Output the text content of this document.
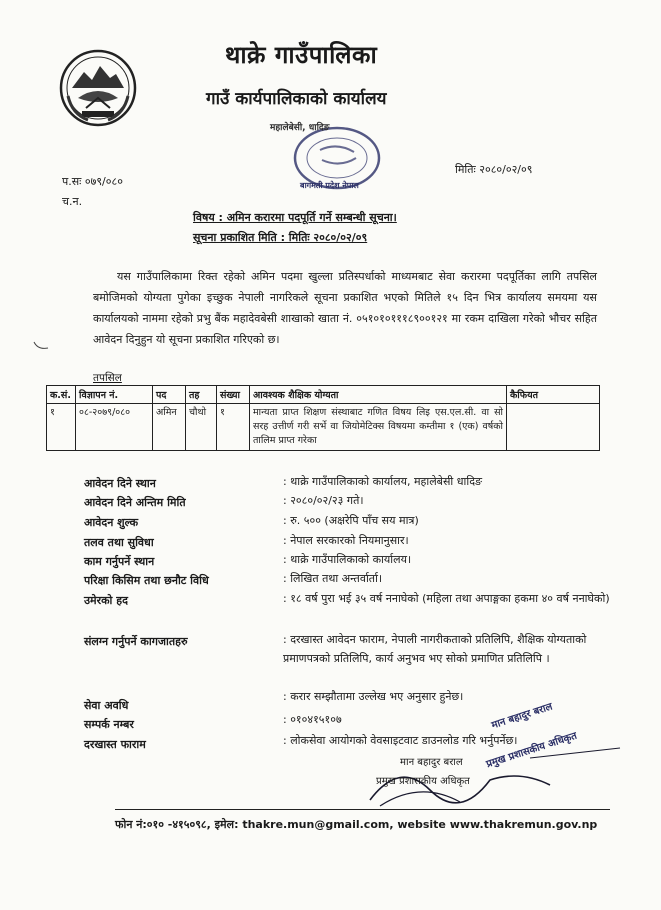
थाक्रे गाउँपालिका
गाउँ कार्यपालिकाको कार्यालय
महालेबेसी, धादिङ
बागमती प्रदेश नेपाल
प.सः ०७९/०८०
च.न.
मितिः २०८०/०२/०९
विषय : अमिन करारमा पदपूर्ति गर्ने सम्बन्धी सूचना।
सूचना प्रकाशित मिति : मितिः २०८०/०२/०९
यस गाउँपालिकामा रिक्त रहेको अमिन पदमा खुल्ला प्रतिस्पर्धाको माध्यमबाट सेवा करारमा पदपूर्तिका लागि तपसिल बमोजिमको योग्यता पुगेका इच्छुक नेपाली नागरिकले सूचना प्रकाशित भएको मितिले १५ दिन भित्र कार्यालय समयमा यस कार्यालयको नाममा रहेको प्रभु बैंक महादेवबेसी शाखाको खाता नं. ०५१०१०१११८९००१२१ मा रकम दाखिला गरेको भौचर सहित आवेदन दिनुहुन यो सूचना प्रकाशित गरिएको छ।
तपसिल
क.सं.	विज्ञापन नं.	पद	तह	संख्या	आवश्यक शैक्षिक योग्यता	कैफियत
१	०८-२०७९/०८०	अमिन	चौथो	१	मान्यता प्राप्त शिक्षण संस्थाबाट गणित विषय लिइ एस.एल.सी. वा सो सरह उत्तीर्ण गरी सर्भे वा जियोमेटिक्स विषयमा कम्तीमा १ (एक) वर्षको तालिम प्राप्त गरेका	
आवेदन दिने स्थान	: थाक्रे गाउँपालिकाको कार्यालय, महालेबेसी धादिङ
आवेदन दिने अन्तिम मिति	: २०८०/०२/२३ गते।
आवेदन शुल्क	: रु. ५०० (अक्षरेपि पाँच सय मात्र)
तलव तथा सुविधा	: नेपाल सरकारको नियमानुसार।
काम गर्नुपर्ने स्थान	: थाक्रे गाउँपालिकाको कार्यालय।
परिक्षा किसिम तथा छनौट विधि	: लिखित तथा अन्तर्वार्ता।
उमेरको हद	: १८ वर्ष पुरा भई ३५ वर्ष ननाघेको (महिला तथा अपाङ्गका हकमा ४० वर्ष ननाघेको)
संलग्न गर्नुपर्ने कागजातहरु	: दरखास्त आवेदन फाराम, नेपाली नागरीकताको प्रतिलिपि, शैक्षिक योग्यताको प्रमाणपत्रको प्रतिलिपि, कार्य अनुभव भए सोको प्रमाणित प्रतिलिपि ।
सेवा अवधि
: करार सम्झौतामा उल्लेख भए अनुसार हुनेछ।
सम्पर्क नम्बर	: ०१०४१५१०७
दरखास्त फाराम	: लोकसेवा आयोगको वेवसाइटवाट डाउनलोड गरि भर्नुपर्नेछ।
मान बहादुर बराल
प्रमुख प्रशासकीय अधिकृत
मान बहादुर बराल
प्रमुख प्रशासकीय अधिकृत
फोन नं:०१० -४१५०९८, इमेल: thakre.mun@gmail.com, website www.thakremun.gov.np
